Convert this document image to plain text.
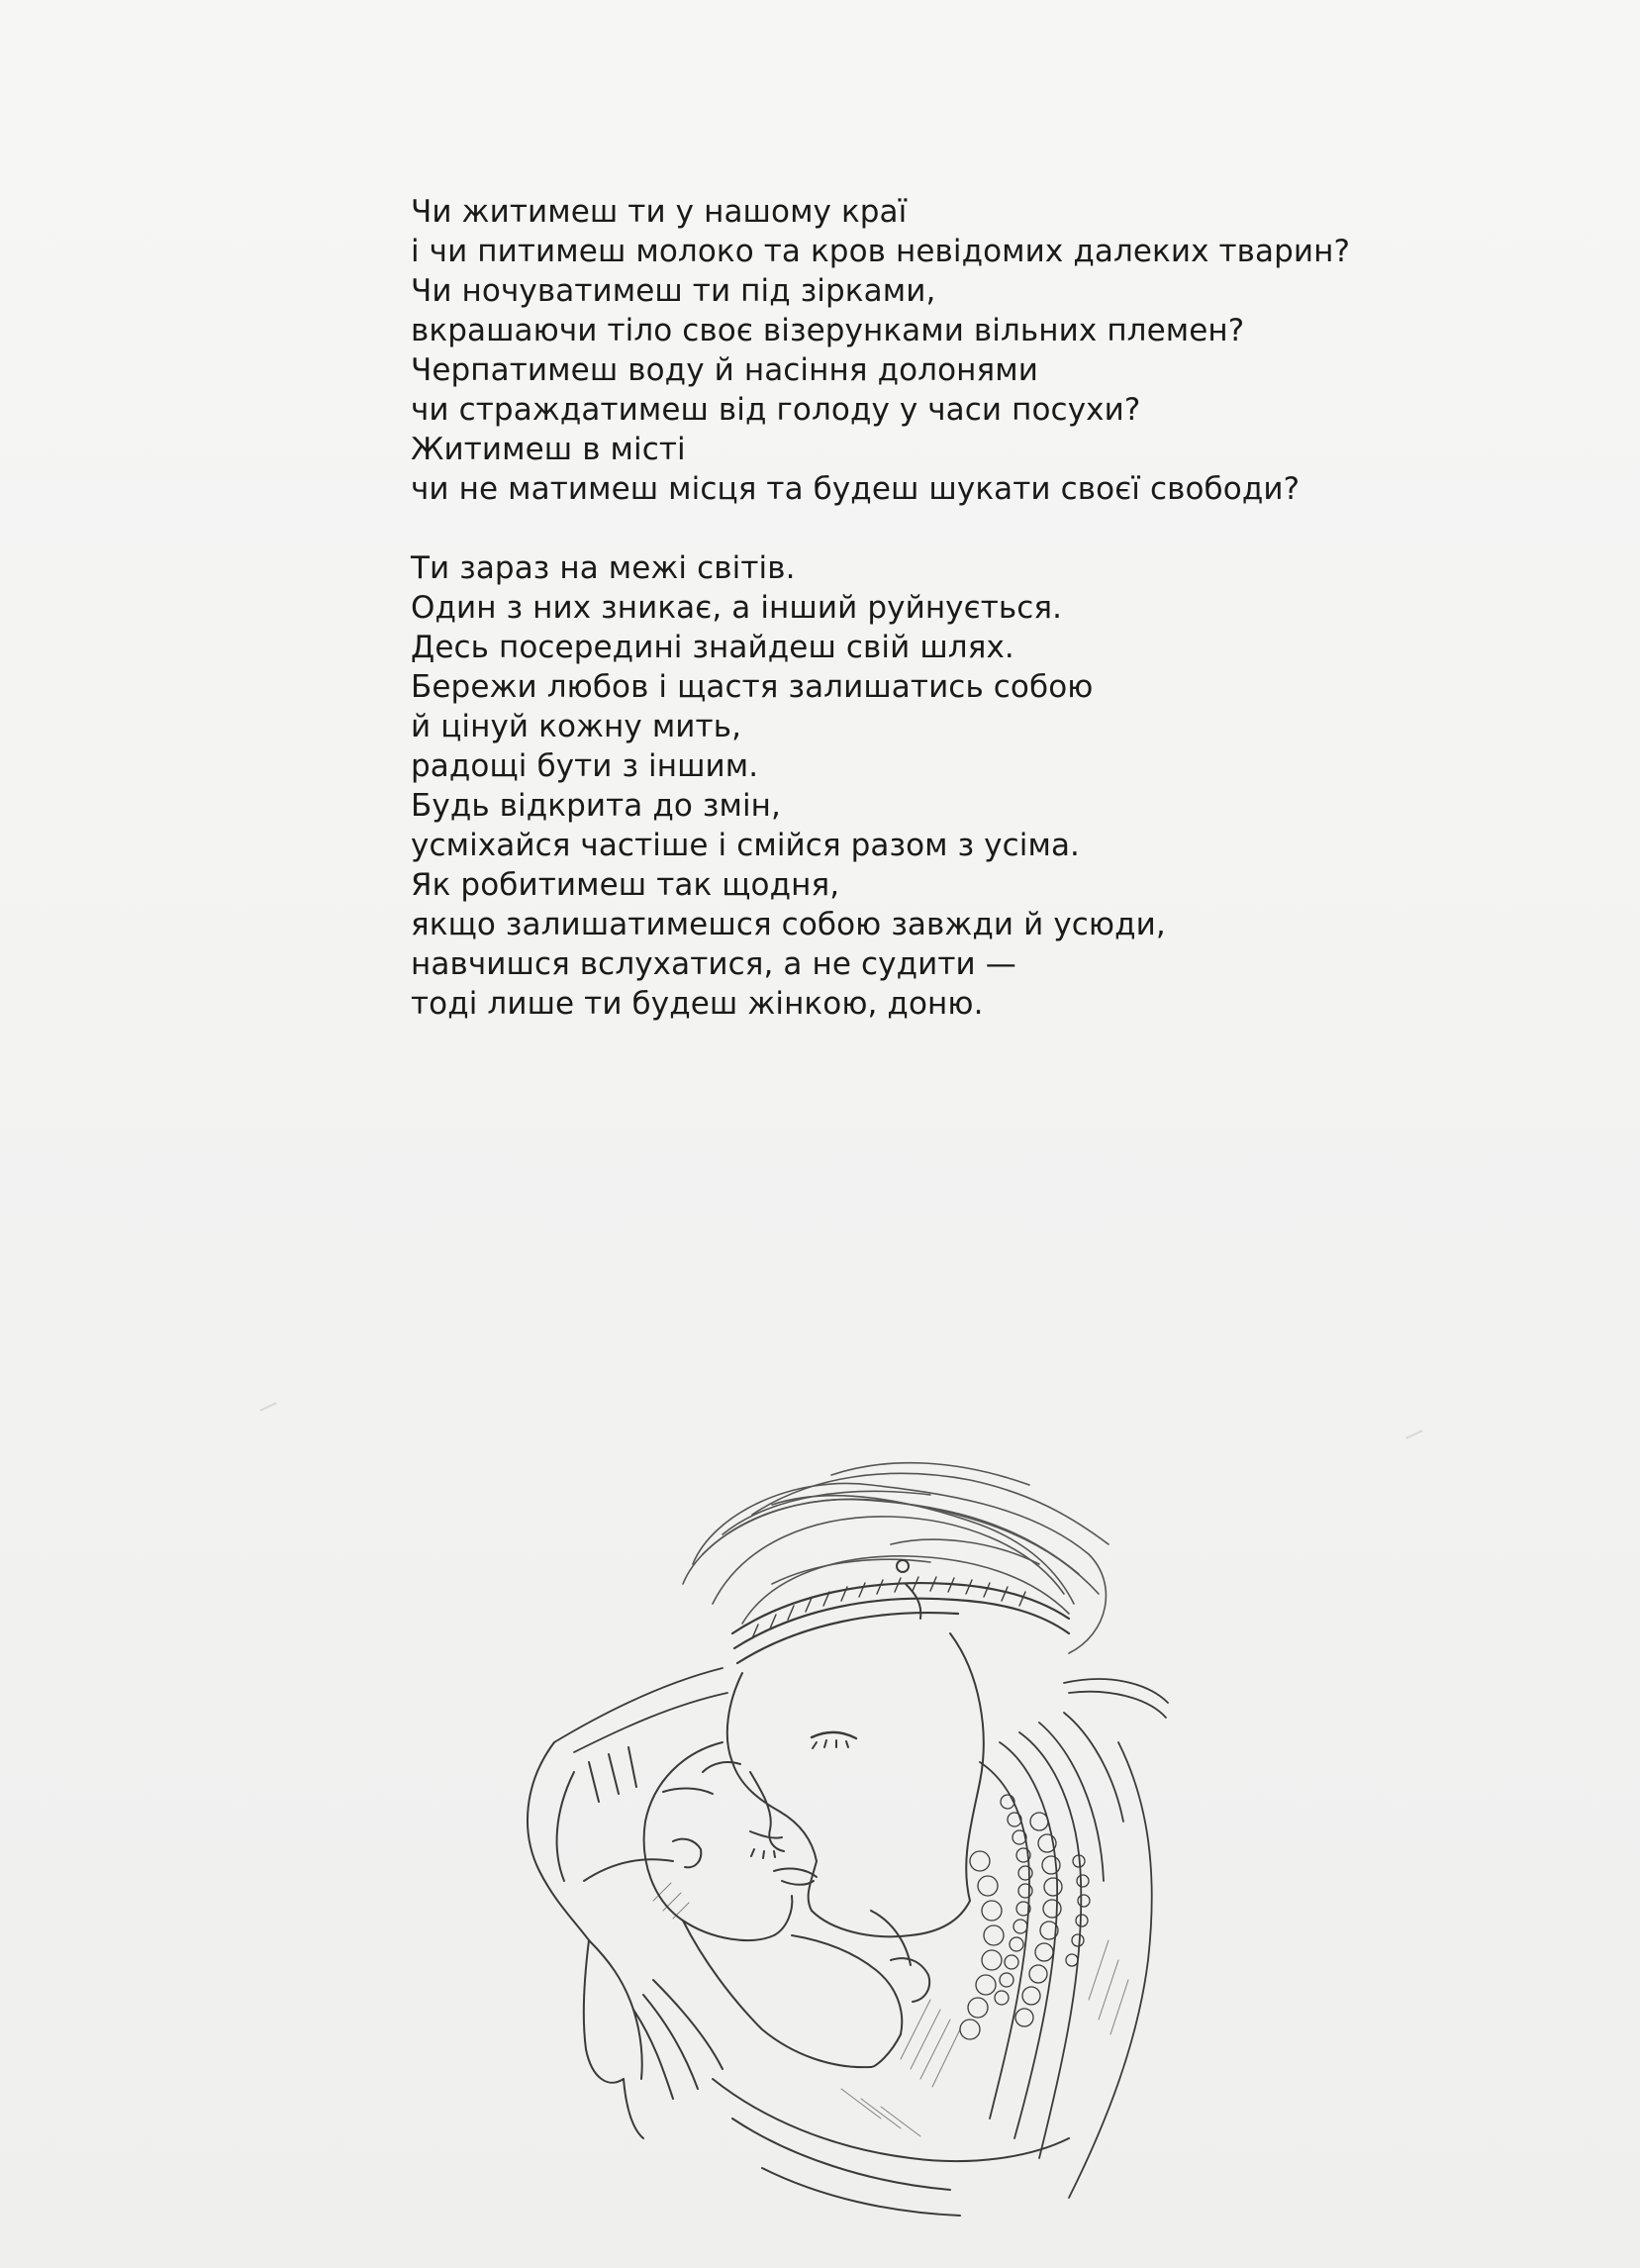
Чи житимеш ти у нашому краї
і чи питимеш молоко та кров невідомих далеких тварин?
Чи ночуватимеш ти під зірками,
вкрашаючи тіло своє візерунками вільних племен?
Черпатимеш воду й насіння долонями
чи страждатимеш від голоду у часи посухи?
Житимеш в місті
чи не матимеш місця та будеш шукати своєї свободи?
Ти зараз на межі світів.
Один з них зникає, а інший руйнується.
Десь посередині знайдеш свій шлях.
Бережи любов і щастя залишатись собою
й цінуй кожну мить,
радощі бути з іншим.
Будь відкрита до змін,
усміхайся частіше і смійся разом з усіма.
Як робитимеш так щодня,
якщо залишатимешся собою завжди й усюди,
навчишся вслухатися, а не судити —
тоді лише ти будеш жінкою, доню.
